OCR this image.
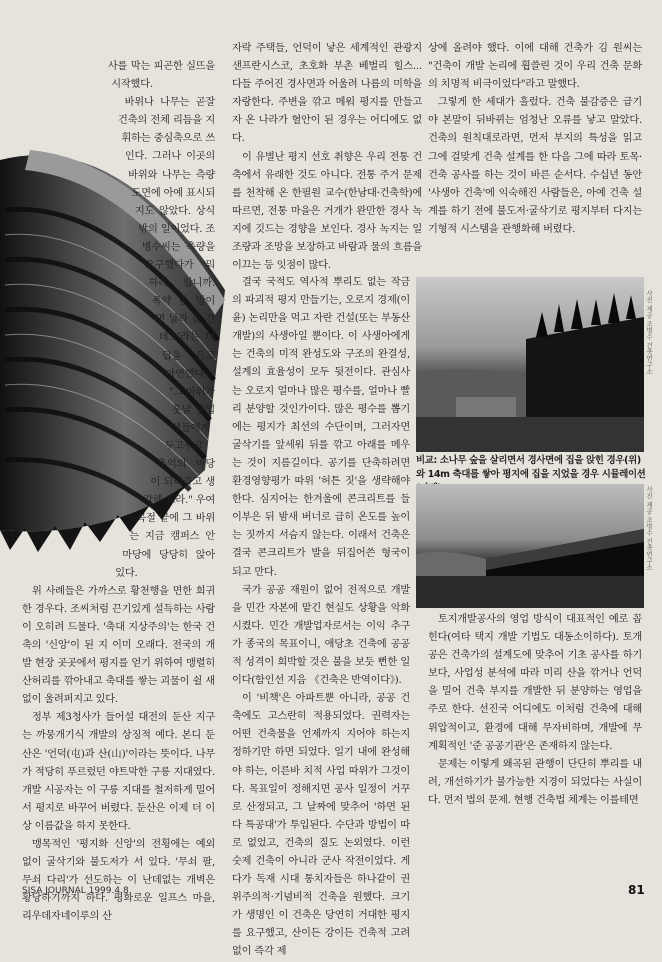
사를 막는 피곤한 실뜨을 시작했다.

바위나 나무는 곧잘 건축의 전체 리듬을 지휘하는 중심축으로 쓰인다. 그러나 이곳의 바위와 나무는 측량 도면에 아예 표시되지도 않았다. 상식 밖의 일이었다. 조병수씨는 측량을 요구했다가 '뭐하러 합니까. 폭약 한 방이면 날라 갈 건데...'라는 대답을 듣고 아연했다. "그 바위가 훗날 졸업생들에게 두고두고 추억의 마당이 되리라고 생각해 보라." 우여곡절 끝에 그 바위는 지금 캠퍼스 안마당에 당당히 앉아 있다.

위 사례들은 가까스로 황천행을 면한 희귀한 경우다. 조씨처럼 끈기있게 설득하는 사람이 오히려 드물다. '축대 지상주의'는 한국 건축의 '신앙'이 된 지 이미 오래다. 전국의 개발 현장 곳곳에서 평지를 얻기 위하여 맹렬히 산허리를 깎아내고 축대를 쌓는 괴물이 쉴 새 없이 울려퍼지고 있다.

정부 제3청사가 들어설 대전의 둔산 지구는 까뭉개기식 개발의 상징적 예다. 본디 둔산은 '언덕(屯)과 산(山)'이라는 뜻이다. 나무가 적당히 푸르렀던 야트막한 구릉 지대였다. 개발 시공자는 이 구릉 지대를 철저하게 밀어서 평지로 바꾸어 버렸다. 둔산은 이제 더 이상 이름값을 하지 못한다.

맹목적인 '평지화 신앙'의 전횡에는 예외 없이 굴삭기와 불도저가 서 있다. '무쇠 팔, 무쇠 다리'가 선도하는 이 난데없는 개벽은 황당하기까지 하다. 평화로운 일프스 마을, 리우데자네이루의 산

자락 주택들, 언덕이 낳은 세계적인 관광지 샌프란시스코, 초호화 부촌 베벌리 힐스... 다들 주어진 경사면과 어울려 나름의 미학을 자랑한다. 주변을 깎고 메워 평지를 만들고자 온 나라가 혈안이 된 경우는 어디에도 없다.

이 유별난 평지 선호 취향은 우리 전통 건축에서 유래한 것도 아니다. 전통 주거 문제를 천착해 온 한필원 교수(한남대·건축학)에 따르면, 전통 마을은 거개가 완만한 경사 녹지에 깃드는 경향을 보인다. 경사 녹지는 일조량과 조망을 보장하고 바람과 물의 흐름을 이끄는 등 잇점이 많다.

결국 국적도 역사적 뿌리도 없는 작금의 파괴적 평지 만들기는, 오로지 경제(이윤) 논리만을 먹고 자란 건설(또는 부동산 개발)의 사생아일 뿐이다. 이 사생아에게는 건축의 미적 완성도와 구조의 완결성, 설계의 효율성이 모두 뒷전이다. 관심사는 오로지 얼마나 많은 평수를, 얼마나 빨리 분양할 것인가이다. 많은 평수를 뽑기에는 평지가 최선의 수단이며, 그러자면 굴삭기를 앞세워 뒤를 깎고 아래를 메우는 것이 지름길이다. 공기를 단축하려면 환경영향평가 따위 '허튼 짓'을 생략해야 한다. 심지어는 한겨울에 콘크리트를 들이부은 뒤 밤새 버너로 급히 온도를 높이는 짓까지 서슴지 않는다. 이래서 건축은 결국 콘크리트가 발을 뒤집어쓴 형국이 되고 만다.

국가 공공 재원이 없어 전적으로 개발을 민간 자본에 맡긴 현실도 상황을 악화시켰다. 민간 개발업자로서는 이익 추구가 종국의 목표이니, 애당초 건축에 공공적 성격이 희박할 것은 불을 보듯 뻔한 일이다(함인선 지음 《건축은 반역이다》).

이 '비책'은 아파트뿐 아니라, 공공 건축에도 고스란히 적용되었다. 권력자는 어떤 건축물을 언제까지 지어야 하는지 정하기만 하면 되었다. 일기 내에 완성해야 하는, 이른바 치적 사업 따위가 그것이다. 목표일이 정해지면 공사 일정이 거꾸로 산정되고, 그 날짜에 맞추어 '하면 된다 특공대'가 투입된다. 수단과 방법이 따로 없었고, 건축의 질도 논외였다. 이런 숫제 건축이 아니라 군사 작전이었다. 게다가 독재 시대 통치자들은 하나같이 권위주의적·기념비적 건축을 원했다. 크기가 생명인 이 건축은 당연히 거대한 평지를 요구했고, 산이든 강이든 건축적 고려 없이 즉각 제

상에 올려야 했다. 이에 대해 건축가 김 원씨는 "건축이 개발 논리에 휩쓸린 것이 우리 건축 문화의 치명적 비극이었다"라고 말했다.

그렇게 한 세대가 흘렀다. 건축 불감증은 급기야 본말이 뒤바뀌는 엄청난 오류를 낳고 말았다. 건축의 원칙대로라면, 먼저 부지의 특성을 읽고 그에 걸맞게 건축 설계를 한 다음 그에 따라 토목·건축 공사를 하는 것이 바른 순서다. 수십년 동안 '사생아 건축'에 익숙해진 사람들은, 아예 건축 설계를 하기 전에 불도저·굴삭기로 평지부터 다지는 기형적 시스템을 관행화해 버렸다.

사진 제공 조병수 건축연구소
비교: 소나무 숲을 살리면서 경사면에 집을 앉힌 경우(위)와 14m 축대를 쌓아 평지에 집을 지었을 경우 시뮬레이션
사진 제공 조병수 건축연구소

토지개발공사의 영업 방식이 대표적인 예로 꼽힌다(여타 택지 개발 기법도 대동소이하다). 토개공은 건축가의 설계도에 맞추어 기초 공사를 하기보다, 사업성 분석에 따라 미리 산을 깎거나 언덕을 밀어 건축 부지를 개발한 뒤 분양하는 영업을 주로 한다. 선진국 어디에도 이처럼 건축에 대해 위압적이고, 환경에 대해 무자비하며, 개발에 무계획적인 '준 공공기관'은 존재하지 않는다.

문제는 이렇게 왜곡된 관행이 단단히 뿌리를 내려, 개선하기가 불가능한 지경이 되었다는 사실이다. 먼저 법의 문제. 현행 건축법 체계는 이를테면

SISA JOURNAL 1999.4.8	81
